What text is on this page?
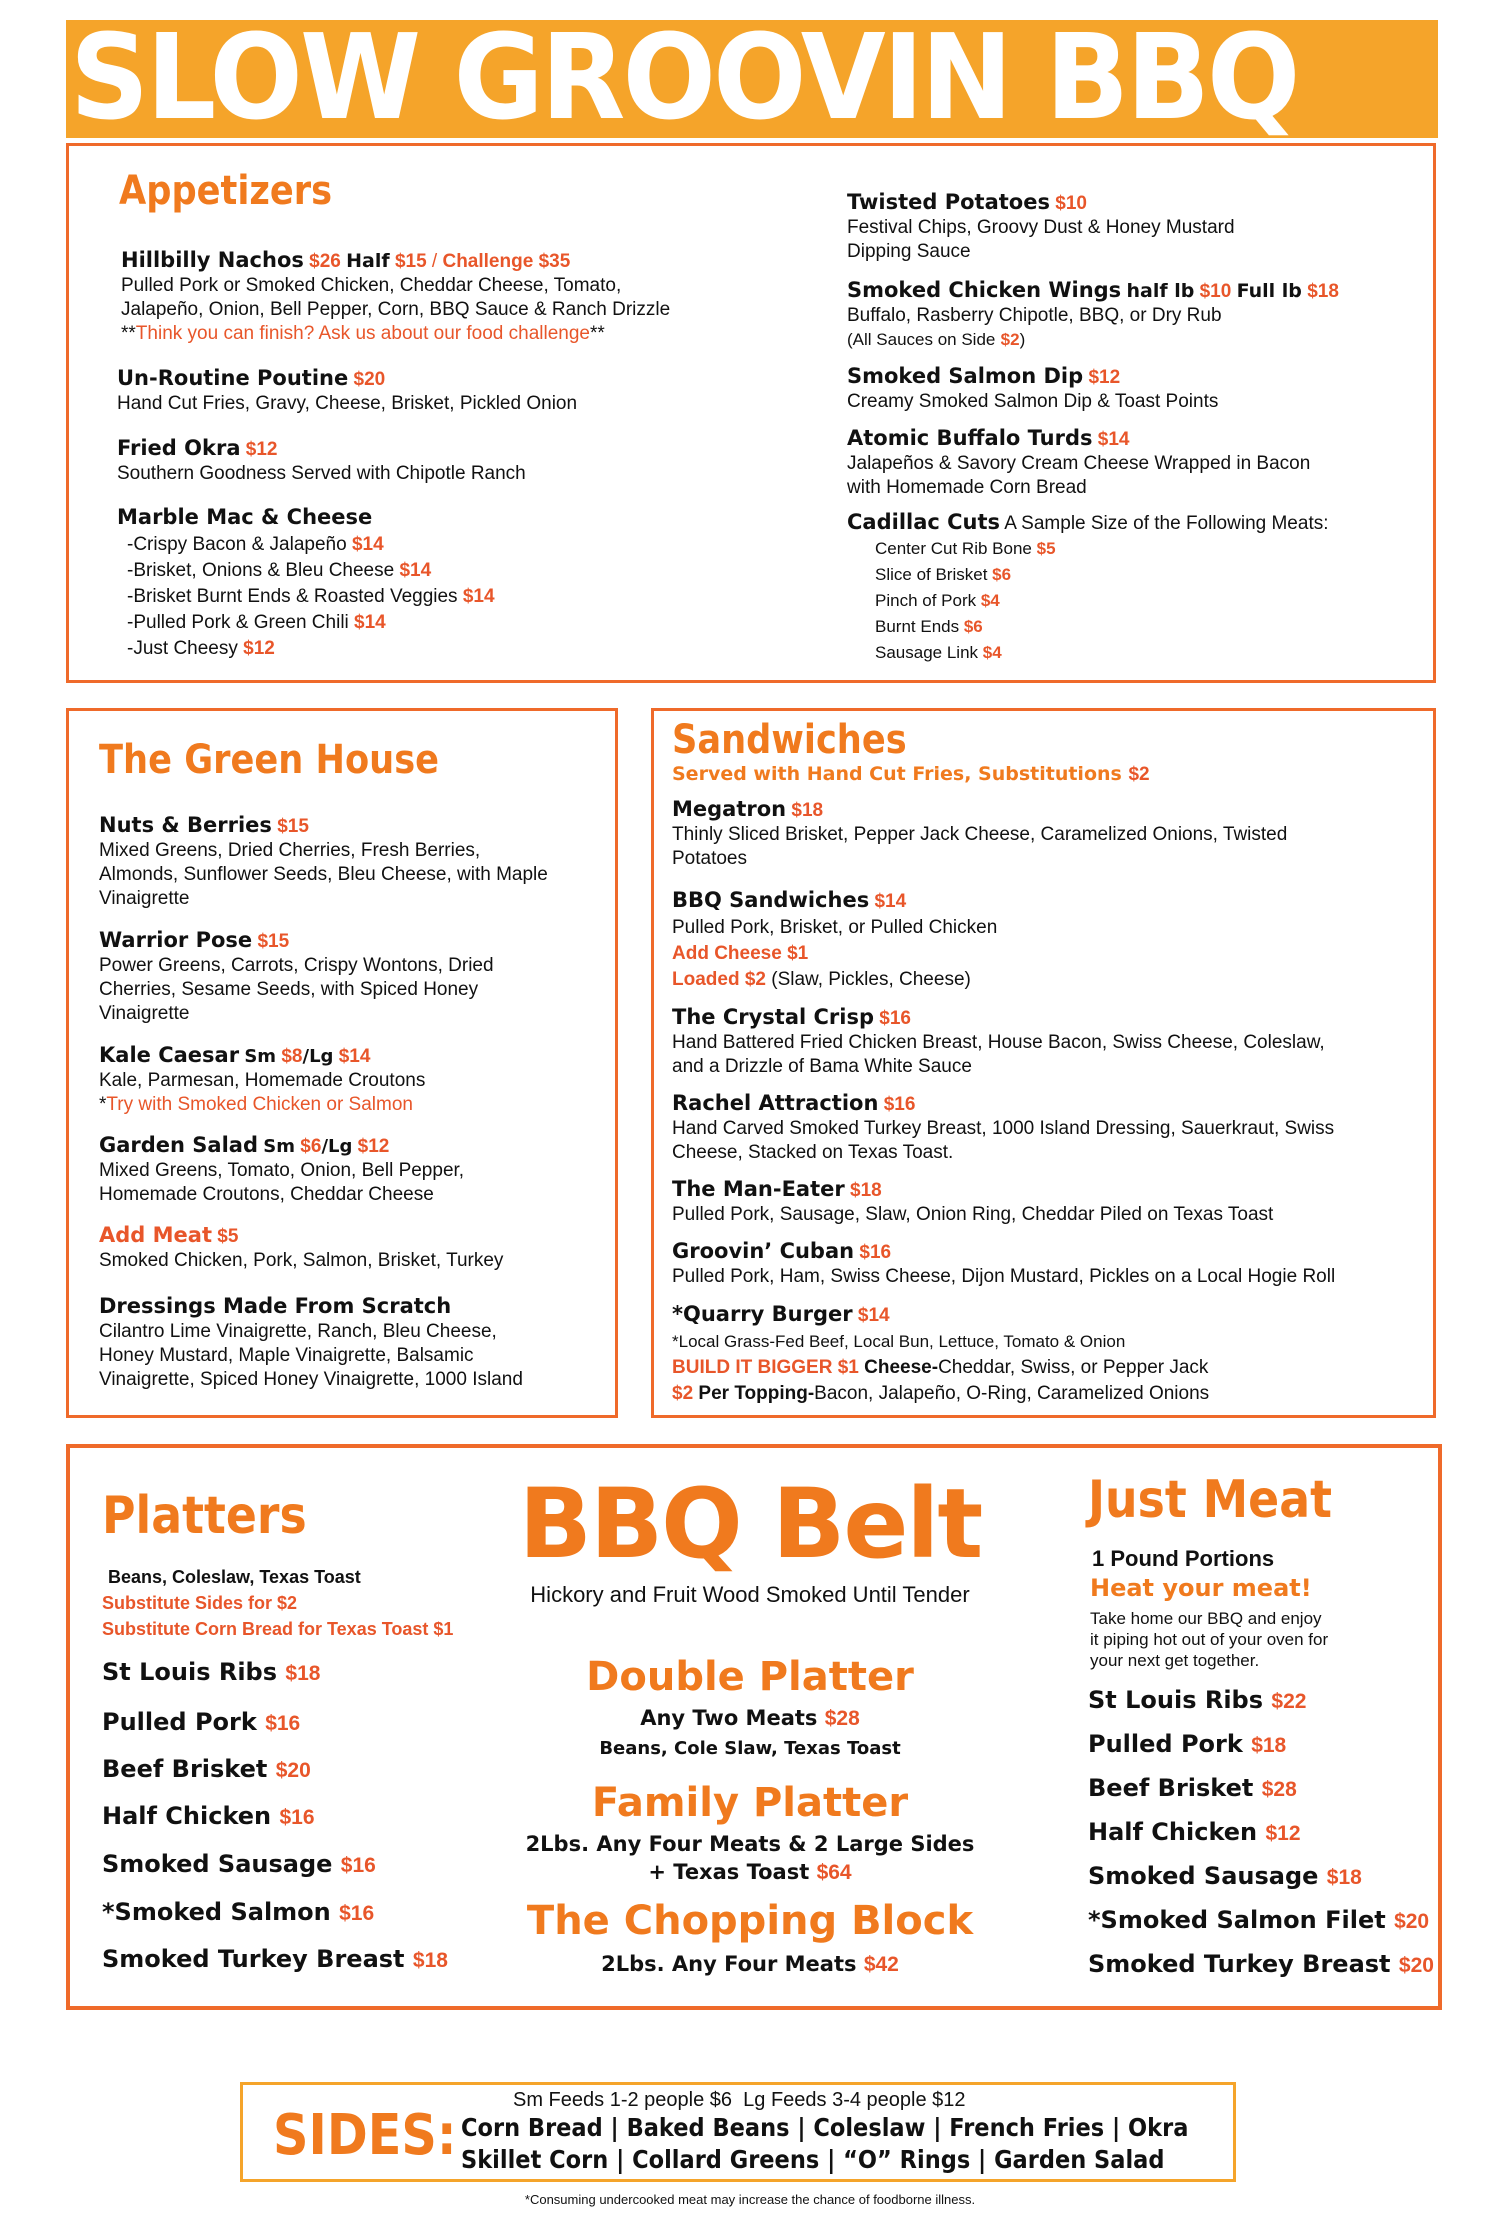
SLOW GROOVIN BBQ
Appetizers
Hillbilly Nachos $26 Half $15 / Challenge $35
Pulled Pork or Smoked Chicken, Cheddar Cheese, Tomato,
Jalapeño, Onion, Bell Pepper, Corn, BBQ Sauce & Ranch Drizzle
**Think you can finish? Ask us about our food challenge**
Un-Routine Poutine $20
Hand Cut Fries, Gravy, Cheese, Brisket, Pickled Onion
Fried Okra $12
Southern Goodness Served with Chipotle Ranch
Marble Mac & Cheese

-Crispy Bacon & Jalapeño $14
-Brisket, Onions & Bleu Cheese $14
-Brisket Burnt Ends & Roasted Veggies $14
-Pulled Pork & Green Chili $14
-Just Cheesy $12
Twisted Potatoes $10
Festival Chips, Groovy Dust & Honey Mustard
Dipping Sauce
Smoked Chicken Wings half lb $10 Full lb $18
Buffalo, Rasberry Chipotle, BBQ, or Dry Rub
(All Sauces on Side $2)
Smoked Salmon Dip $12
Creamy Smoked Salmon Dip & Toast Points
Atomic Buffalo Turds $14
Jalapeños & Savory Cream Cheese Wrapped in Bacon
with Homemade Corn Bread
Cadillac Cuts A Sample Size of the Following Meats:
Center Cut Rib Bone $5
Slice of Brisket $6
Pinch of Pork $4
Burnt Ends $6
Sausage Link $4
The Green House
Nuts & Berries $15
Mixed Greens, Dried Cherries, Fresh Berries,
Almonds, Sunflower Seeds, Bleu Cheese, with Maple
Vinaigrette
Warrior Pose $15
Power Greens, Carrots, Crispy Wontons, Dried
Cherries, Sesame Seeds, with Spiced Honey
Vinaigrette
Kale Caesar Sm $8/Lg $14
Kale, Parmesan, Homemade Croutons
*Try with Smoked Chicken or Salmon
Garden Salad Sm $6/Lg $12
Mixed Greens, Tomato, Onion, Bell Pepper,
Homemade Croutons, Cheddar Cheese
Add Meat $5
Smoked Chicken, Pork, Salmon, Brisket, Turkey
Dressings Made From Scratch
Cilantro Lime Vinaigrette, Ranch, Bleu Cheese,
Honey Mustard, Maple Vinaigrette, Balsamic
Vinaigrette, Spiced Honey Vinaigrette, 1000 Island
Sandwiches
Served with Hand Cut Fries, Substitutions $2
Megatron $18
Thinly Sliced Brisket, Pepper Jack Cheese, Caramelized Onions, Twisted
Potatoes
BBQ Sandwiches $14
Pulled Pork, Brisket, or Pulled Chicken
Add Cheese $1
Loaded $2 (Slaw, Pickles, Cheese)
The Crystal Crisp $16
Hand Battered Fried Chicken Breast, House Bacon, Swiss Cheese, Coleslaw,
and a Drizzle of Bama White Sauce
Rachel Attraction $16
Hand Carved Smoked Turkey Breast, 1000 Island Dressing, Sauerkraut, Swiss
Cheese, Stacked on Texas Toast.
The Man-Eater $18
Pulled Pork, Sausage, Slaw, Onion Ring, Cheddar Piled on Texas Toast
Groovin’ Cuban $16
Pulled Pork, Ham, Swiss Cheese, Dijon Mustard, Pickles on a Local Hogie Roll
*Quarry Burger $14
*Local Grass-Fed Beef, Local Bun, Lettuce, Tomato & Onion
BUILD IT BIGGER $1 Cheese-Cheddar, Swiss, or Pepper Jack
$2 Per Topping-Bacon, Jalapeño, O-Ring, Caramelized Onions
Platters
Beans, Coleslaw, Texas Toast
Substitute Sides for $2
Substitute Corn Bread for Texas Toast $1
St Louis Ribs $18
Pulled Pork $16
Beef Brisket $20
Half Chicken $16
Smoked Sausage $16
*Smoked Salmon $16
Smoked Turkey Breast $18
BBQ Belt
Hickory and Fruit Wood Smoked Until Tender
Double Platter
Any Two Meats $28
Beans, Cole Slaw, Texas Toast
Family Platter
2Lbs. Any Four Meats & 2 Large Sides
+ Texas Toast $64
The Chopping Block
2Lbs. Any Four Meats $42
Just Meat
1 Pound Portions
Heat your meat!
Take home our BBQ and enjoy
it piping hot out of your oven for
your next get together.
St Louis Ribs $22
Pulled Pork $18
Beef Brisket $28
Half Chicken $12
Smoked Sausage $18
*Smoked Salmon Filet $20
Smoked Turkey Breast $20
SIDES:
Sm Feeds 1-2 people $6  Lg Feeds 3-4 people $12
Corn Bread | Baked Beans | Coleslaw | French Fries | Okra
Skillet Corn | Collard Greens | “O” Rings | Garden Salad
*Consuming undercooked meat may increase the chance of foodborne illness.
